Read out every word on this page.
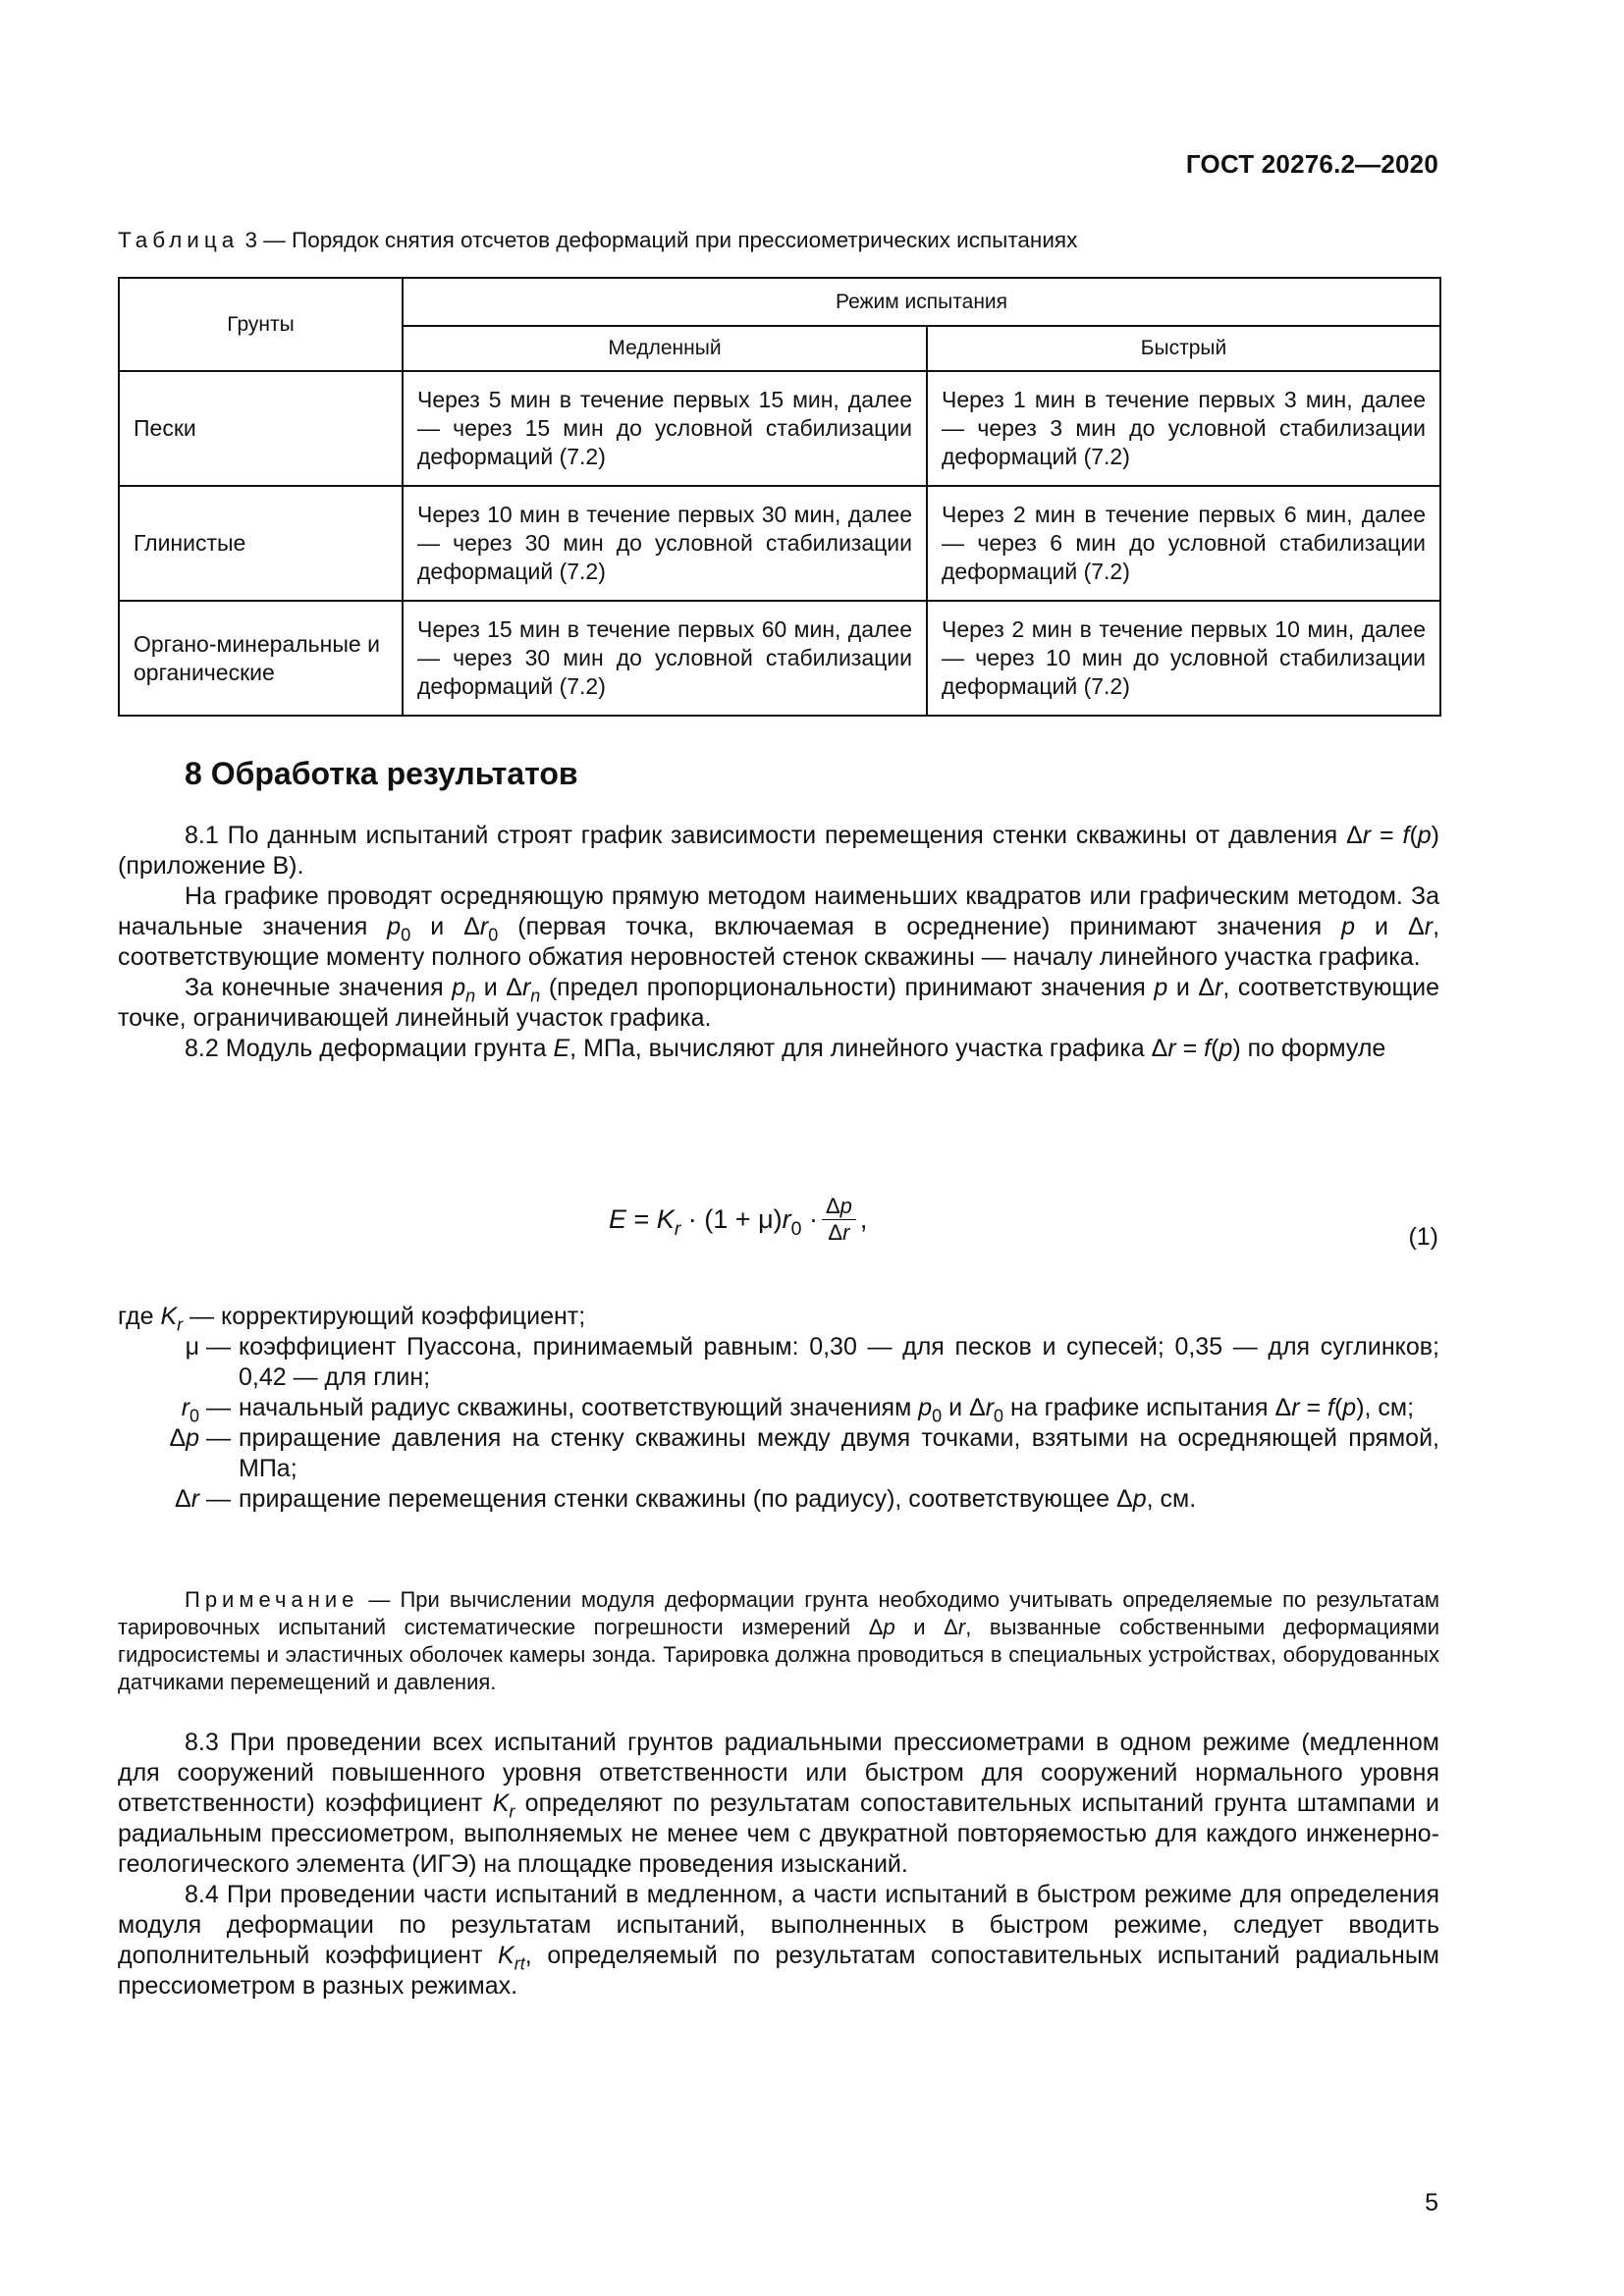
ГОСТ 20276.2—2020
Таблица 3 — Порядок снятия отсчетов деформаций при прессиометрических испытаниях
Грунты	Режим испытания	
	Медленный	Быстрый
Пески	Через 5 мин в течение первых 15 мин, далее — через 15 мин до условной стабилизации деформаций (7.2)	Через 1 мин в течение первых 3 мин, далее — через 3 мин до условной стабилизации деформаций (7.2)
Глинистые	Через 10 мин в течение первых 30 мин, далее — через 30 мин до условной стабилизации деформаций (7.2)	Через 2 мин в течение первых 6 мин, далее — через 6 мин до условной стабилизации деформаций (7.2)
Органо-минеральные и органические	Через 15 мин в течение первых 60 мин, далее — через 30 мин до условной стабилизации деформаций (7.2)	Через 2 мин в течение первых 10 мин, далее — через 10 мин до условной стабилизации деформаций (7.2)
8 Обработка результатов

8.1 По данным испытаний строят график зависимости перемещения стенки скважины от давления Δr = f(p) (приложение В).

На графике проводят осредняющую прямую методом наименьших квадратов или графическим методом. За начальные значения $p_0$ и $\Delta r_0$ (первая точка, включаемая в осреднение) принимают значения p и Δr, соответствующие моменту полного обжатия неровностей стенок скважины — началу линейного участка графика.

За конечные значения $p_n$ и $\Delta r_n$ (предел пропорциональности) принимают значения p и Δr, соответствующие точке, ограничивающей линейный участок графика.

8.2 Модуль деформации грунта E, МПа, вычисляют для линейного участка графика Δr = f(p) по формуле

$E = K_r \cdot (1 + \mu)r_0 \cdot \frac{\Delta p}{\Delta r}$ ,
(1)
где $K_r$ — корректирующий коэффициент;
μ — коэффициент Пуассона, принимаемый равным: 0,30 — для песков и супесей; 0,35 — для суглинков; 0,42 — для глин;
$r_0$ — начальный радиус скважины, соответствующий значениям $p_0$ и $\Delta r_0$ на графике испытания Δr = f(p), см;
Δp — приращение давления на стенку скважины между двумя точками, взятыми на осредняющей прямой, МПа;
Δr — приращение перемещения стенки скважины (по радиусу), соответствующее Δp, см.

Примечание — При вычислении модуля деформации грунта необходимо учитывать определяемые по результатам тарировочных испытаний систематические погрешности измерений Δp и Δr, вызванные собственными деформациями гидросистемы и эластичных оболочек камеры зонда. Тарировка должна проводиться в специальных устройствах, оборудованных датчиками перемещений и давления.

8.3 При проведении всех испытаний грунтов радиальными прессиометрами в одном режиме (медленном для сооружений повышенного уровня ответственности или быстром для сооружений нормального уровня ответственности) коэффициент $K_r$ определяют по результатам сопоставительных испытаний грунта штампами и радиальным прессиометром, выполняемых не менее чем с двукратной повторяемостью для каждого инженерно-геологического элемента (ИГЭ) на площадке проведения изысканий.

8.4 При проведении части испытаний в медленном, а части испытаний в быстром режиме для определения модуля деформации по результатам испытаний, выполненных в быстром режиме, следует вводить дополнительный коэффициент $K_{rt}$, определяемый по результатам сопоставительных испытаний радиальным прессиометром в разных режимах.

5
